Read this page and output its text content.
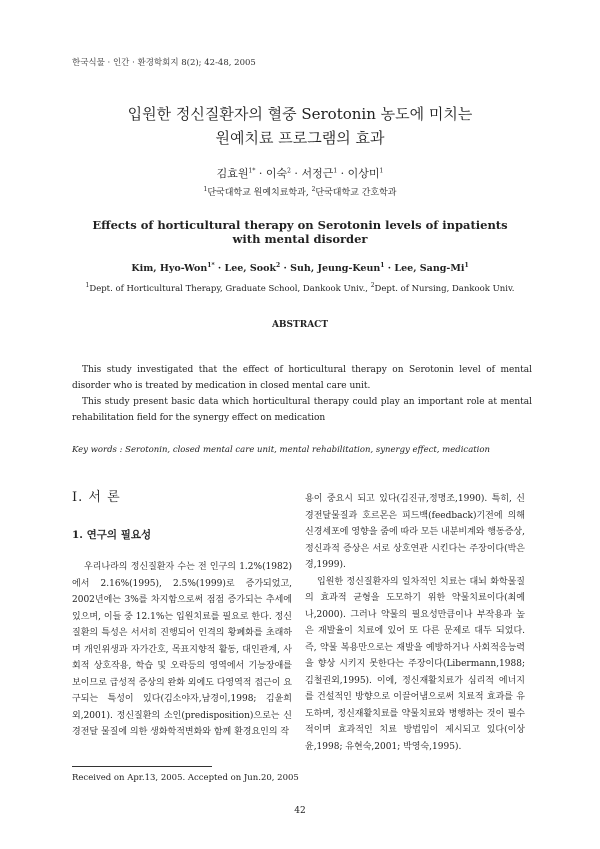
한국식물 · 인간 · 환경학회지 8(2); 42-48, 2005
입원한 정신질환자의 혈중 Serotonin 농도에 미치는
원예치료 프로그램의 효과
김효원$^{1*}$ · 이숙$^2$ · 서정근$^1$ · 이상미$^1$
$^1$단국대학교 원예치료학과, $^2$단국대학교 간호학과
Effects of horticultural therapy on Serotonin levels of inpatients with mental disorder
Kim, Hyo-Won$^{1*}$ · Lee, Sook$^2$ · Suh, Jeung-Keun$^1$ · Lee, Sang-Mi$^1$
$^1$Dept. of Horticultural Therapy, Graduate School, Dankook Univ., $^2$Dept. of Nursing, Dankook Univ.
ABSTRACT

This study investigated that the effect of horticultural therapy on Serotonin level of mental disorder who is treated by medication in closed mental care unit.

This study present basic data which horticultural therapy could play an important role at mental rehabilitation field for the synergy effect on medication

Key words : Serotonin, closed mental care unit, mental rehabilitation, synergy effect, medication
Ⅰ. 서 론
1. 연구의 필요성

우리나라의 정신질환자 수는 전 인구의 1.2%(1982)에서 2.16%(1995), 2.5%(1999)로 증가되었고, 2002년에는 3%를 차지함으로써 점점 증가되는 추세에 있으며, 이들 중 12.1%는 입원치료를 필요로 한다. 정신질환의 특성은 서서히 진행되어 인격의 황폐화를 초래하며 개인위생과 자가간호, 목표지향적 활동, 대인관계, 사회적 상호작용, 학습 및 오락등의 영역에서 기능장애를 보이므로 급성적 증상의 완화 외에도 다영역적 접근이 요구되는 특성이 있다(김소야자,남경이,1998; 김윤희외,2001). 정신질환의 소인(predisposition)으로는 신경전달 물질에 의한 생화학적변화와 함께 환경요인의 작

용이 중요시 되고 있다(김진규,정명조,1990). 특히, 신경전달물질과 호르몬은 피드백(feedback)기전에 의해 신경세포에 영향을 줌에 따라 모든 내분비계와 행동증상, 정신과적 증상은 서로 상호연관 시킨다는 주장이다(박은경,1999).

입원한 정신질환자의 일차적인 치료는 대뇌 화학물질의 효과적 균형을 도모하기 위한 약물치료이다(최예나,2000). 그러나 약물의 필요성만큼이나 부작용과 높은 재발율이 치료에 있어 또 다른 문제로 대두 되었다. 즉, 약물 복용만으로는 재발을 예방하거나 사회적응능력을 향상 시키지 못한다는 주장이다(Libermann,1988; 김철권외,1995). 이에, 정신재활치료가 심리적 에너지를 건설적인 방향으로 이끌어냄으로써 치료적 효과를 유도하며, 정신재활치료를 약물치료와 병행하는 것이 필수적이며 효과적인 치료 방법임이 제시되고 있다(이상윤,1998; 유현숙,2001; 박영숙,1995).

Received on Apr.13, 2005. Accepted on Jun.20, 2005
42
